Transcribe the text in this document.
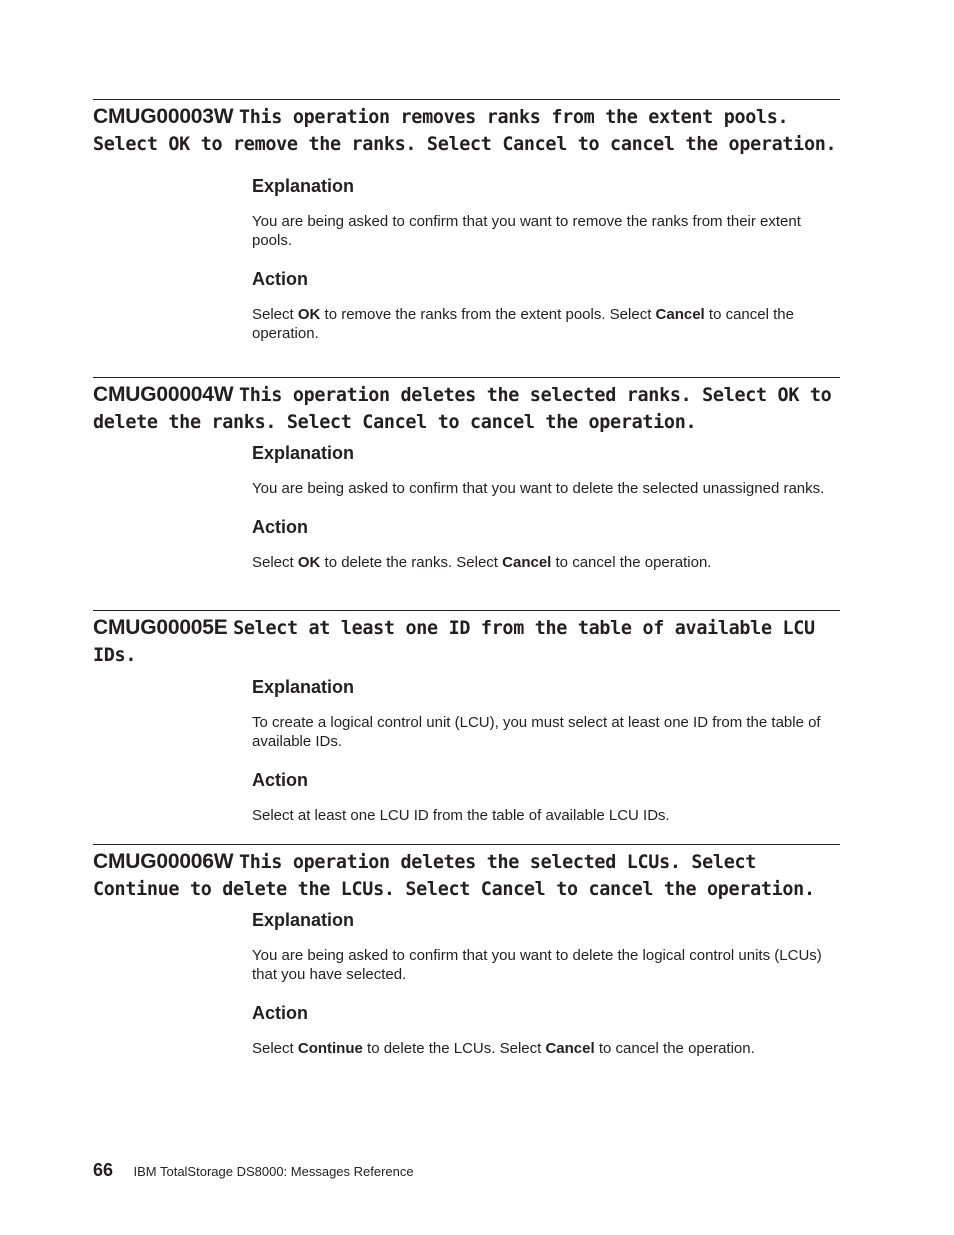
CMUG00003W This operation removes ranks from the extent pools. Select OK to remove the ranks. Select Cancel to cancel the operation.
Explanation

You are being asked to confirm that you want to remove the ranks from their extent pools.

Action

Select OK to remove the ranks from the extent pools. Select Cancel to cancel the operation.

CMUG00004W This operation deletes the selected ranks. Select OK to delete the ranks. Select Cancel to cancel the operation.
Explanation

You are being asked to confirm that you want to delete the selected unassigned ranks.

Action

Select OK to delete the ranks. Select Cancel to cancel the operation.

CMUG00005E Select at least one ID from the table of available LCU IDs.
Explanation

To create a logical control unit (LCU), you must select at least one ID from the table of available IDs.

Action

Select at least one LCU ID from the table of available LCU IDs.

CMUG00006W This operation deletes the selected LCUs. Select Continue to delete the LCUs. Select Cancel to cancel the operation.
Explanation

You are being asked to confirm that you want to delete the logical control units (LCUs) that you have selected.

Action

Select Continue to delete the LCUs. Select Cancel to cancel the operation.

66 IBM TotalStorage DS8000: Messages Reference
